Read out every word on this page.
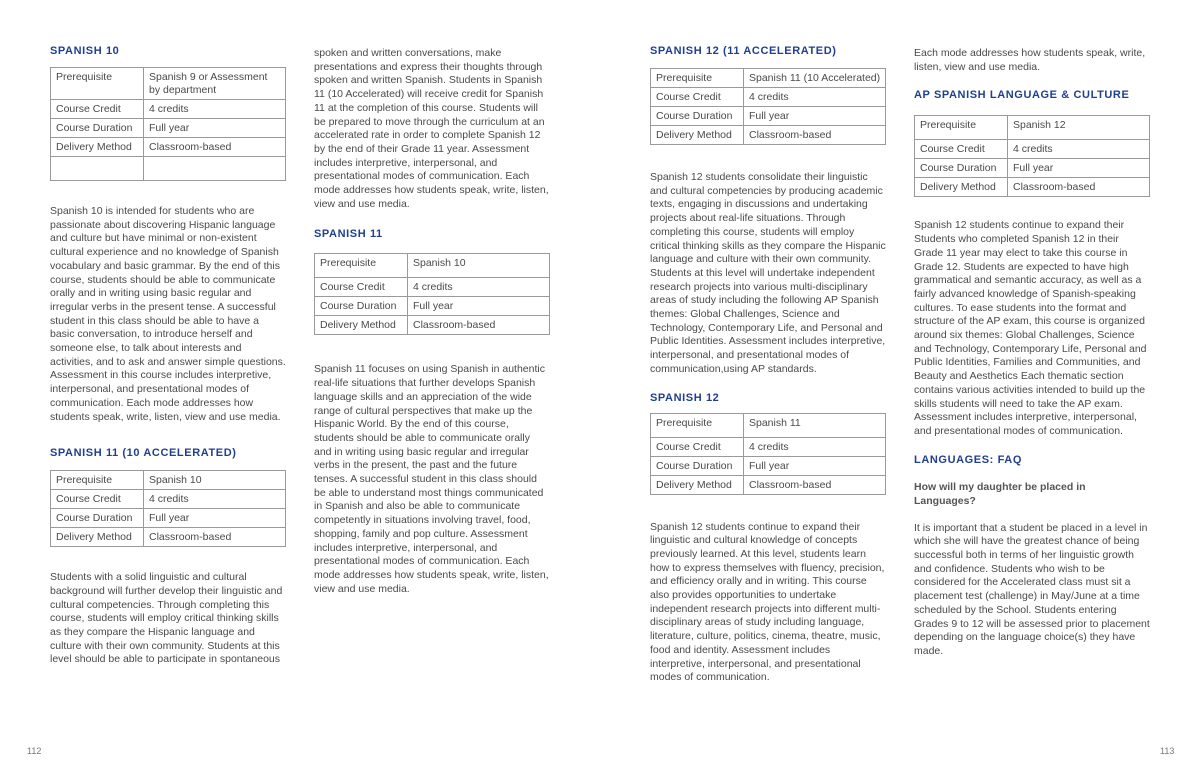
SPANISH 10
Prerequisite	Spanish 9 or Assessment by department
Course Credit	4 credits
Course Duration	Full year
Delivery Method	Classroom-based

Spanish 10 is intended for students who are passionate about discovering Hispanic language and culture but have minimal or non-existent cultural experience and no knowledge of Spanish vocabulary and basic grammar. By the end of this course, students should be able to communicate orally and in writing using basic regular and irregular verbs in the present tense. A successful student in this class should be able to have a basic conversation, to introduce herself and someone else, to talk about interests and activities, and to ask and answer simple questions. Assessment in this course includes interpretive, interpersonal, and presentational modes of communication. Each mode addresses how students speak, write, listen, view and use media.

SPANISH 11 (10 ACCELERATED)
Prerequisite	Spanish 10
Course Credit	4 credits
Course Duration	Full year
Delivery Method	Classroom-based

Students with a solid linguistic and cultural background will further develop their linguistic and cultural competencies. Through completing this course, students will employ critical thinking skills as they compare the Hispanic language and culture with their own community. Students at this level should be able to participate in spontaneous

spoken and written conversations, make presentations and express their thoughts through spoken and written Spanish. Students in Spanish 11 (10 Accelerated) will receive credit for Spanish 11 at the completion of this course. Students will be prepared to move through the curriculum at an accelerated rate in order to complete Spanish 12 by the end of their Grade 11 year. Assessment includes interpretive, interpersonal, and presentational modes of communication. Each mode addresses how students speak, write, listen, view and use media.

SPANISH 11
Prerequisite	Spanish 10
Course Credit	4 credits
Course Duration	Full year
Delivery Method	Classroom-based

Spanish 11 focuses on using Spanish in authentic real-life situations that further develops Spanish language skills and an appreciation of the wide range of cultural perspectives that make up the Hispanic World. By the end of this course, students should be able to communicate orally and in writing using basic regular and irregular verbs in the present, the past and the future tenses. A successful student in this class should be able to understand most things communicated in Spanish and also be able to communicate competently in situations involving travel, food, shopping, family and pop culture. Assessment includes interpretive, interpersonal, and presentational modes of communication. Each mode addresses how students speak, write, listen, view and use media.

SPANISH 12 (11 ACCELERATED)
Prerequisite	Spanish 11 (10 Accelerated)
Course Credit	4 credits
Course Duration	Full year
Delivery Method	Classroom-based

Spanish 12 students consolidate their linguistic and cultural competencies by producing academic texts, engaging in discussions and undertaking projects about real-life situations. Through completing this course, students will employ critical thinking skills as they compare the Hispanic language and culture with their own community. Students at this level will undertake independent research projects into various multi-disciplinary areas of study including the following AP Spanish themes: Global Challenges, Science and Technology, Contemporary Life, and Personal and Public Identities. Assessment includes interpretive, interpersonal, and presentational modes of communication,using AP standards.

SPANISH 12
Prerequisite	Spanish 11
Course Credit	4 credits
Course Duration	Full year
Delivery Method	Classroom-based

Spanish 12 students continue to expand their linguistic and cultural knowledge of concepts previously learned. At this level, students learn how to express themselves with fluency, precision, and efficiency orally and in writing. This course also provides opportunities to undertake independent research projects into different multi-disciplinary areas of study including language, literature, culture, politics, cinema, theatre, music, food and identity. Assessment includes interpretive, interpersonal, and presentational modes of communication.

Each mode addresses how students speak, write, listen, view and use media.

AP SPANISH LANGUAGE & CULTURE
Prerequisite	Spanish 12
Course Credit	4 credits
Course Duration	Full year
Delivery Method	Classroom-based

Spanish 12 students continue to expand their Students who completed Spanish 12 in their Grade 11 year may elect to take this course in Grade 12. Students are expected to have high grammatical and semantic accuracy, as well as a fairly advanced knowledge of Spanish-speaking cultures. To ease students into the format and structure of the AP exam, this course is organized around six themes: Global Challenges, Science and Technology, Contemporary Life, Personal and Public Identities, Families and Communities, and Beauty and Aesthetics Each thematic section contains various activities intended to build up the skills students will need to take the AP exam. Assessment includes interpretive, interpersonal, and presentational modes of communication.

LANGUAGES: FAQ

How will my daughter be placed in Languages?

It is important that a student be placed in a level in which she will have the greatest chance of being successful both in terms of her linguistic growth and confidence. Students who wish to be considered for the Accelerated class must sit a placement test (challenge) in May/June at a time scheduled by the School. Students entering Grades 9 to 12 will be assessed prior to placement depending on the language choice(s) they have made.

112	113
